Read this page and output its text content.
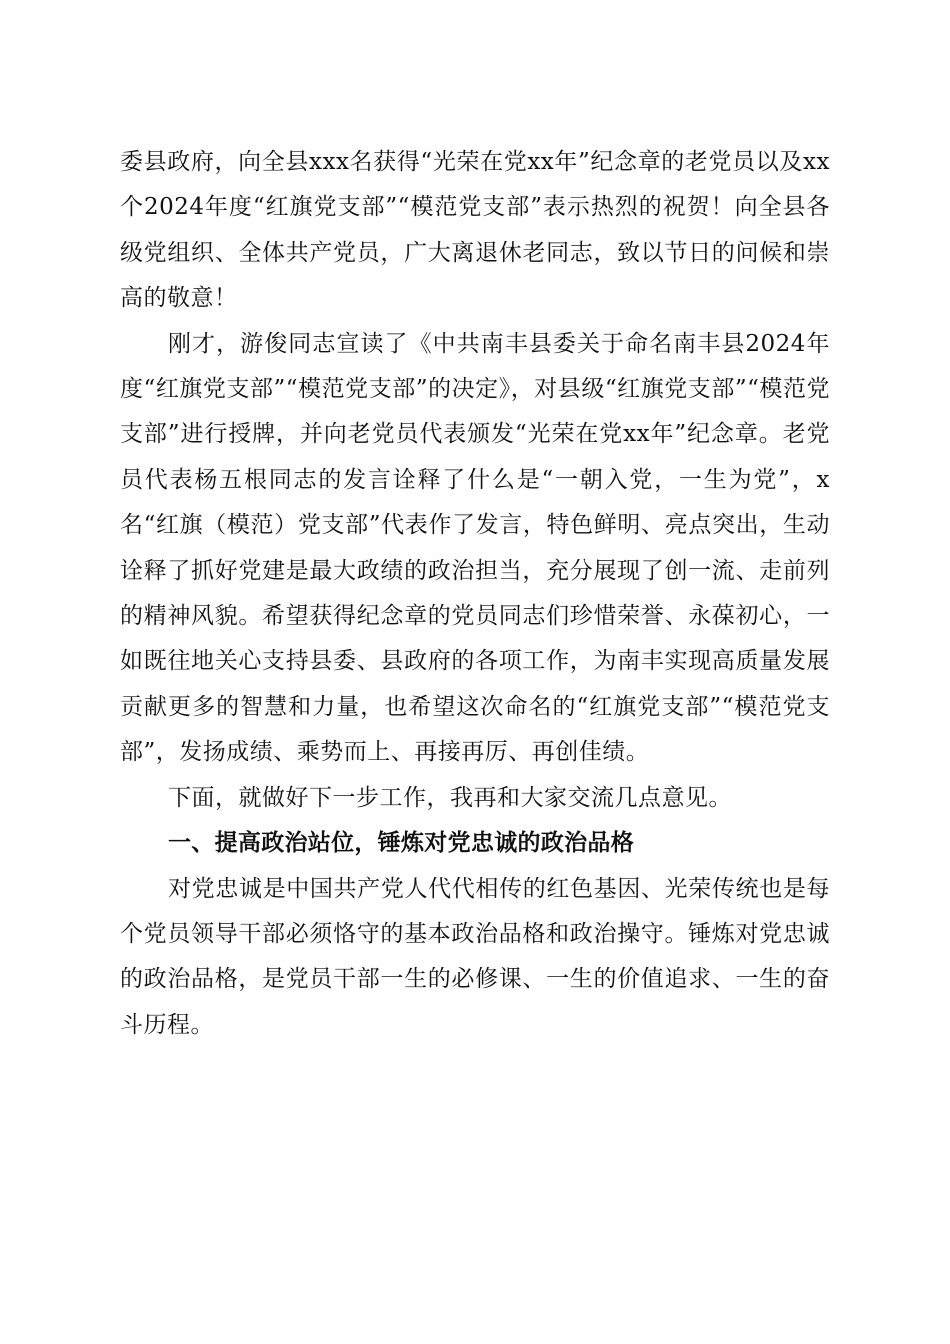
委县政府，向全县xxx名获得“光荣在党xx年”纪念章的老党员以及xx个2024年度“红旗党支部”“模范党支部”表示热烈的祝贺！向全县各级党组织、全体共产党员，广大离退休老同志，致以节日的问候和崇高的敬意！

刚才，游俊同志宣读了《中共南丰县委关于命名南丰县2024年度“红旗党支部”“模范党支部”的决定》，对县级“红旗党支部”“模范党支部”进行授牌，并向老党员代表颁发“光荣在党xx年”纪念章。老党员代表杨五根同志的发言诠释了什么是“一朝入党，一生为党”，x名“红旗（模范）党支部”代表作了发言，特色鲜明、亮点突出，生动诠释了抓好党建是最大政绩的政治担当，充分展现了创一流、走前列的精神风貌。希望获得纪念章的党员同志们珍惜荣誉、永葆初心，一如既往地关心支持县委、县政府的各项工作，为南丰实现高质量发展贡献更多的智慧和力量，也希望这次命名的“红旗党支部”“模范党支部”，发扬成绩、乘势而上、再接再厉、再创佳绩。

下面，就做好下一步工作，我再和大家交流几点意见。

一、提高政治站位，锤炼对党忠诚的政治品格

对党忠诚是中国共产党人代代相传的红色基因、光荣传统也是每个党员领导干部必须恪守的基本政治品格和政治操守。锤炼对党忠诚的政治品格，是党员干部一生的必修课、一生的价值追求、一生的奋斗历程。
